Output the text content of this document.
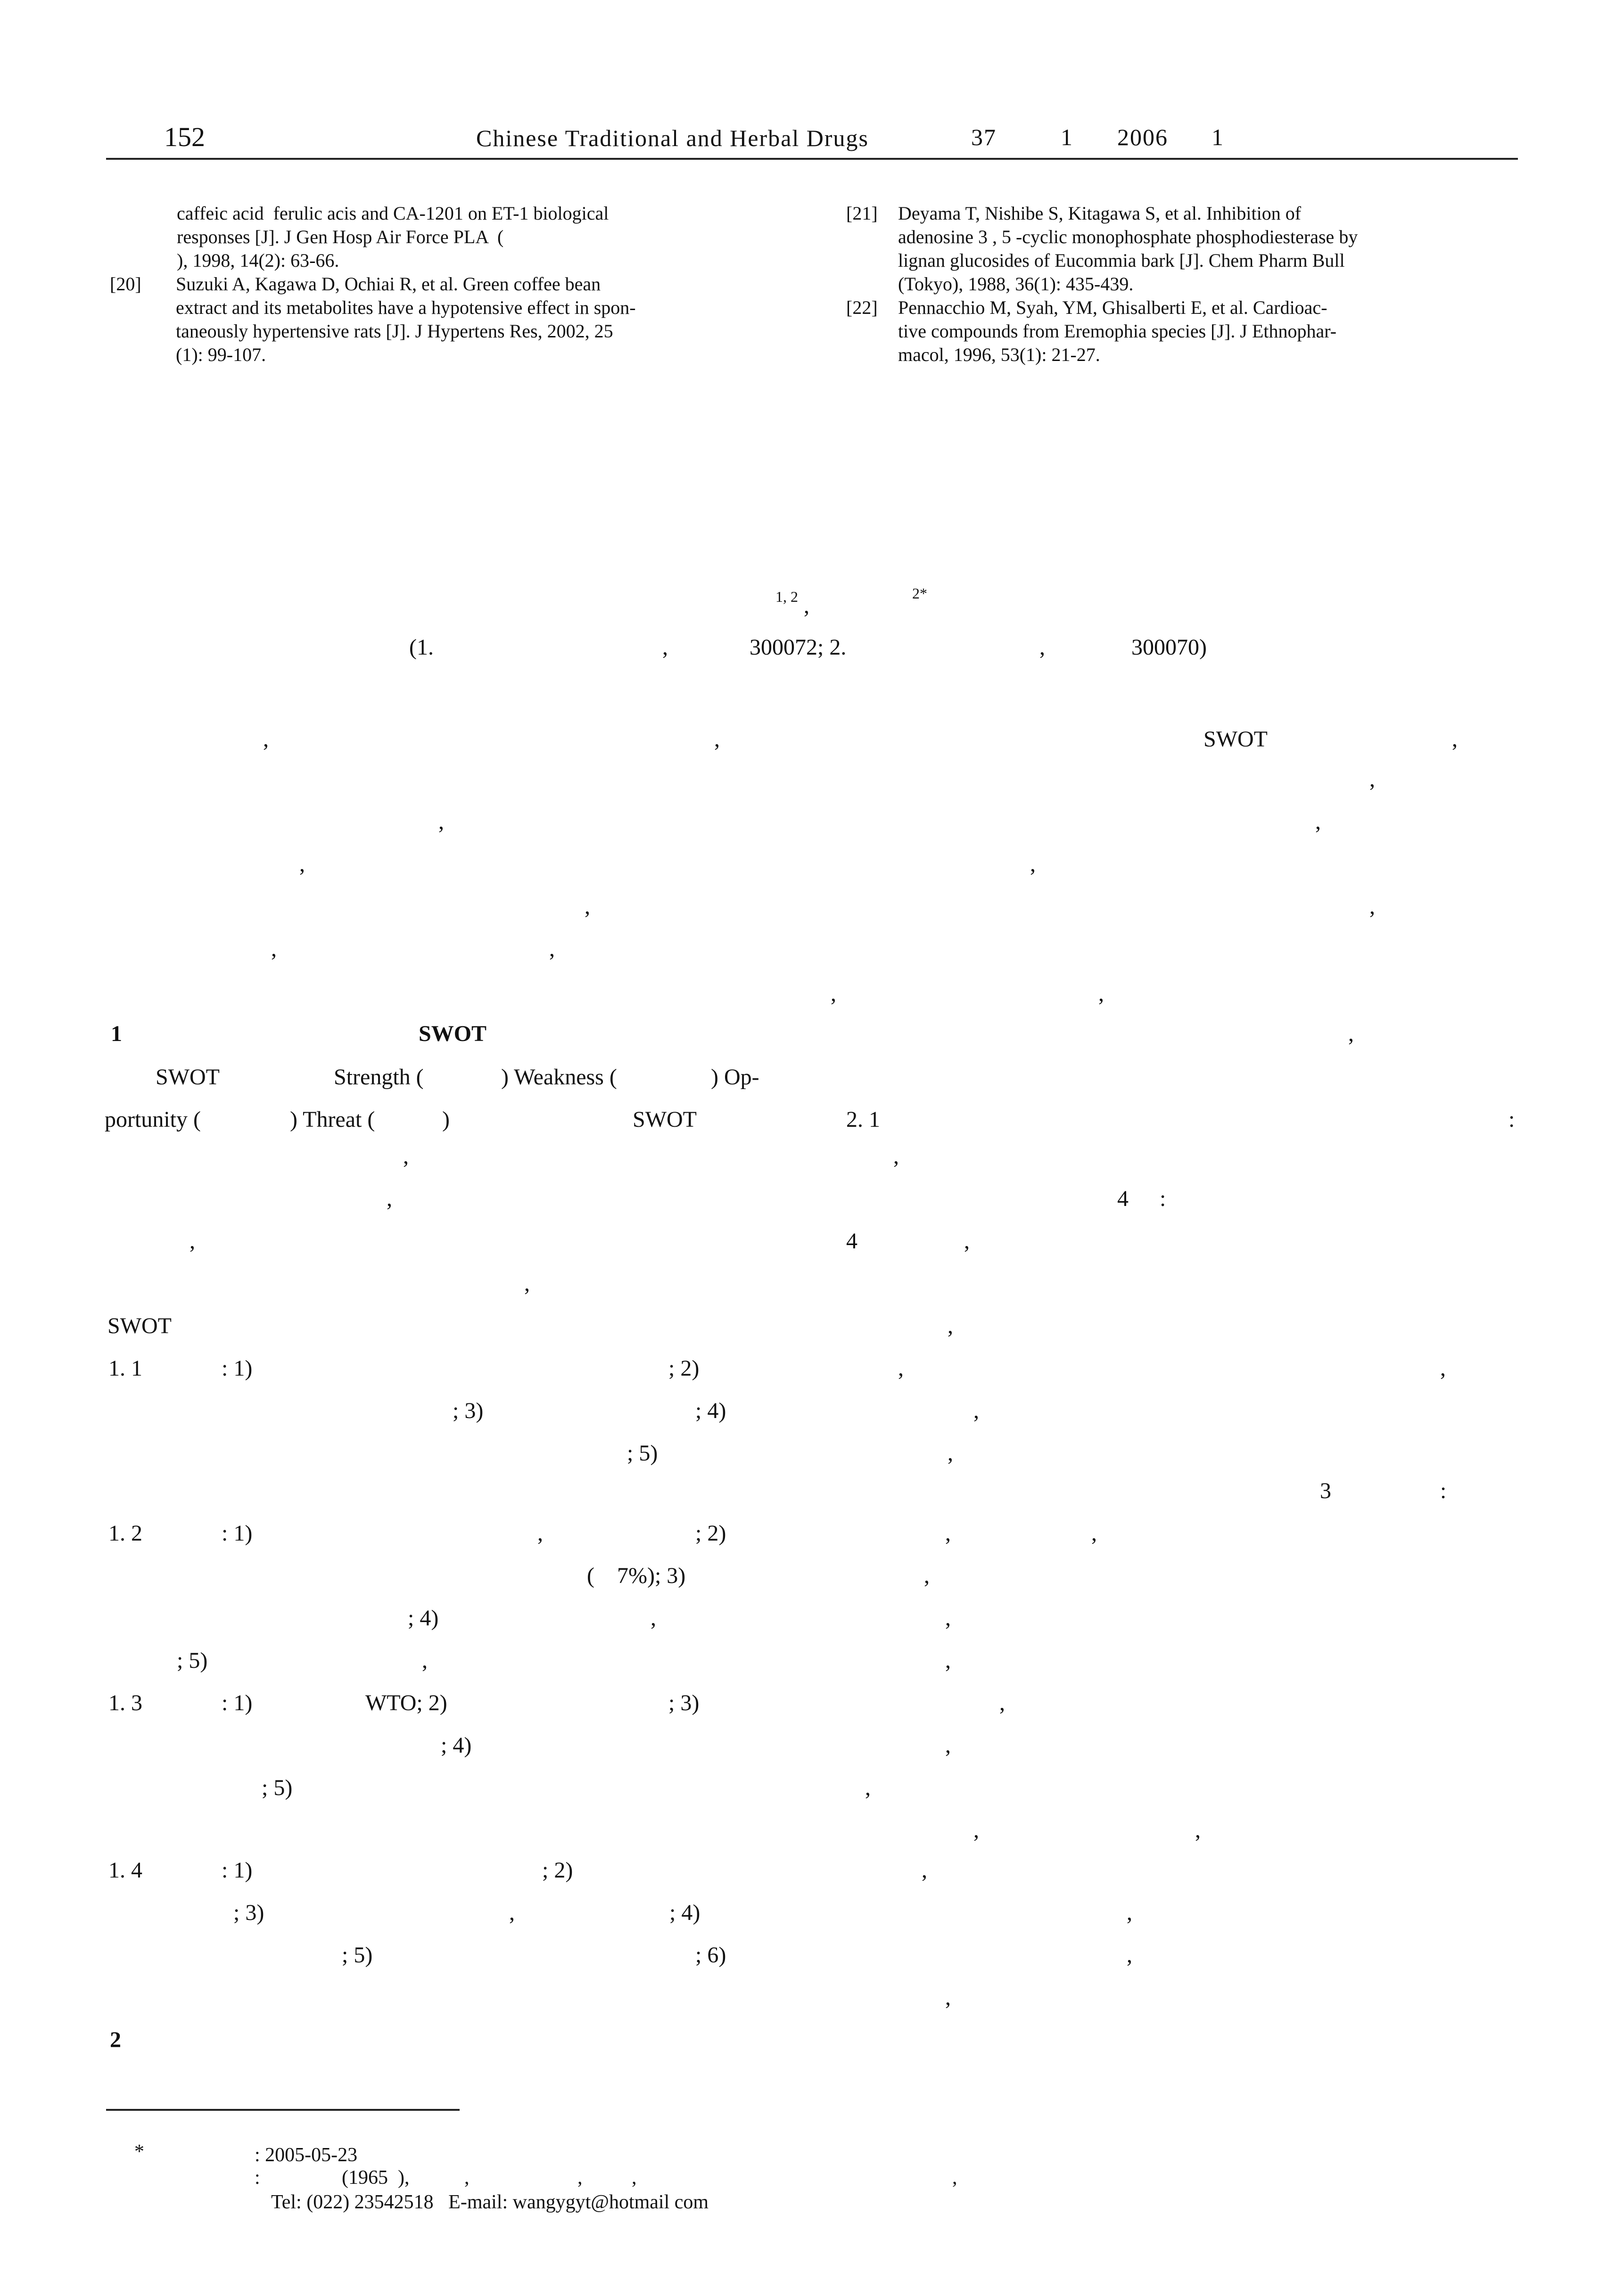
152	Chinese Traditional and Herbal Drugs	37	1 2006 1
caffeic acid  ferulic acis and CA-1201 on ET-1 biological
responses [J]. J Gen Hosp Air Force PLA  (
), 1998, 14(2): 63-66.
[20] Suzuki A, Kagawa D, Ochiai R, et al. Green coffee bean
extract and its metabolites have a hypotensive effect in spon-
taneously hypertensive rats [J]. J Hypertens Res, 2002, 25
(1): 99-107.
[21] Deyama T, Nishibe S, Kitagawa S, et al. Inhibition of
adenosine 3 , 5 -cyclic monophosphate phosphodiesterase by
lignan glucosides of Eucommia bark [J]. Chem Pharm Bull
(Tokyo), 1988, 36(1): 435-439.
[22] Pennacchio M, Syah, YM, Ghisalberti E, et al. Cardioac-
tive compounds from Eremophia species [J]. J Ethnophar-
macol, 1996, 53(1): 21-27.
1, 2 ,	2*
(1.	,	300072; 2.	,	300070)
,	,	SWOT	,
,
,	,
,	,
,	,
,	,
,
1	SWOT
SWOT	Strength (	) Weakness (	) Op-
portunity (	) Threat (	)	SWOT
,
,
,
,
SWOT
1. 1	: 1)	; 2)
; 3)	; 4)
; 5)
1. 2	: 1)	,	; 2)
(    7%); 3)
; 4)	,
; 5)	,
1. 3	: 1)	WTO; 2)	; 3)
; 4)
; 5)
1. 4	: 1)	; 2)
; 3)	,	; 4)
; 5)	; 6)
2
,
,
2. 1	:
,
4 :
4	,
,
,	,
,
,
3	:
,	,
,
,
,
,
,
,
,	,
,
,
,
,
*	: 2005-05-23
:	(1965  ),	,	, ,	,
Tel: (022) 23542518   E-mail: wangygyt@hotmail com
